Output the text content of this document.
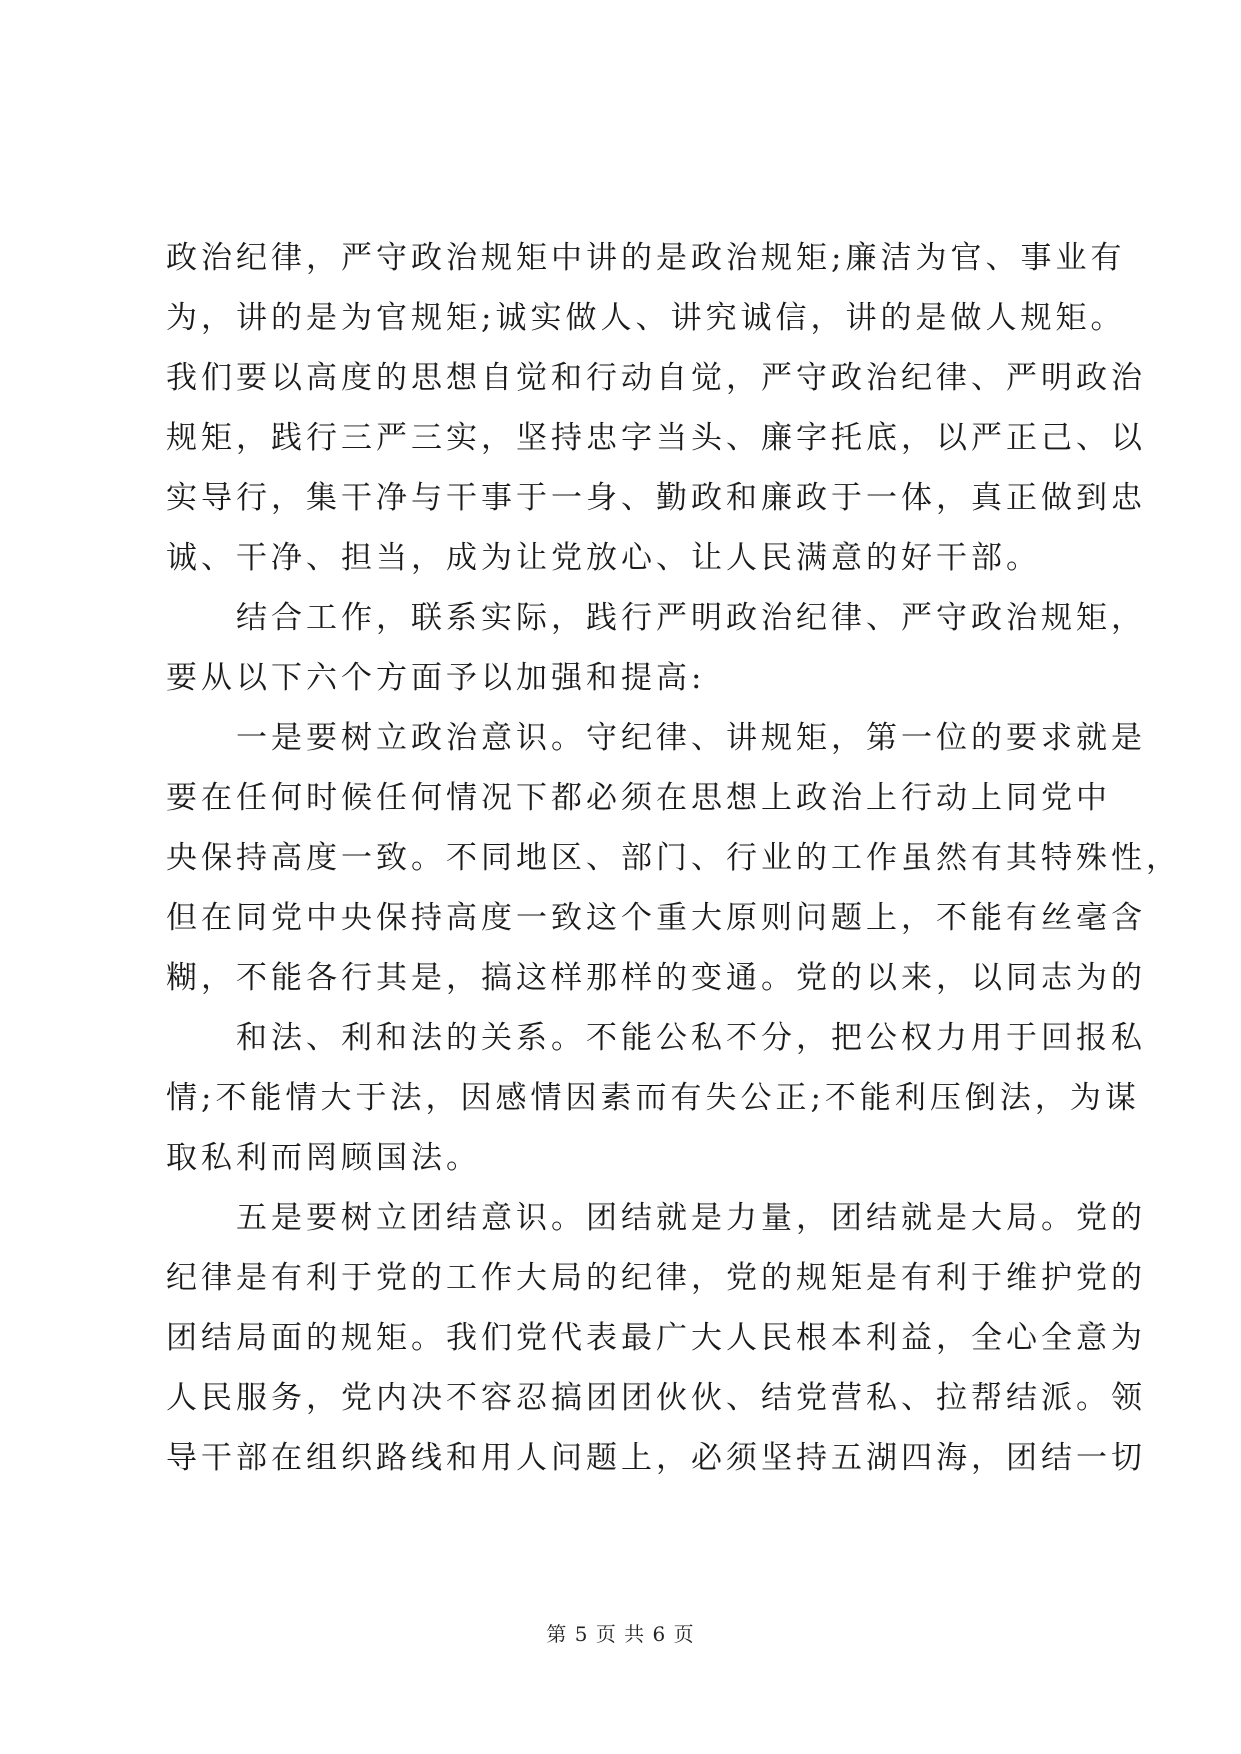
政治纪律，严守政治规矩中讲的是政治规矩;廉洁为官、事业有
为，讲的是为官规矩;诚实做人、讲究诚信，讲的是做人规矩。
我们要以高度的思想自觉和行动自觉，严守政治纪律、严明政治
规矩，践行三严三实，坚持忠字当头、廉字托底，以严正己、以
实导行，集干净与干事于一身、勤政和廉政于一体，真正做到忠
诚、干净、担当，成为让党放心、让人民满意的好干部。
　　结合工作，联系实际，践行严明政治纪律、严守政治规矩，
要从以下六个方面予以加强和提高:
　　一是要树立政治意识。守纪律、讲规矩，第一位的要求就是
要在任何时候任何情况下都必须在思想上政治上行动上同党中
央保持高度一致。不同地区、部门、行业的工作虽然有其特殊性，
但在同党中央保持高度一致这个重大原则问题上，不能有丝毫含
糊，不能各行其是，搞这样那样的变通。党的以来，以同志为的
　　和法、利和法的关系。不能公私不分，把公权力用于回报私
情;不能情大于法，因感情因素而有失公正;不能利压倒法，为谋
取私利而罔顾国法。
　　五是要树立团结意识。团结就是力量，团结就是大局。党的
纪律是有利于党的工作大局的纪律，党的规矩是有利于维护党的
团结局面的规矩。我们党代表最广大人民根本利益，全心全意为
人民服务，党内决不容忍搞团团伙伙、结党营私、拉帮结派。领
导干部在组织路线和用人问题上，必须坚持五湖四海，团结一切
第 5 页 共 6 页
